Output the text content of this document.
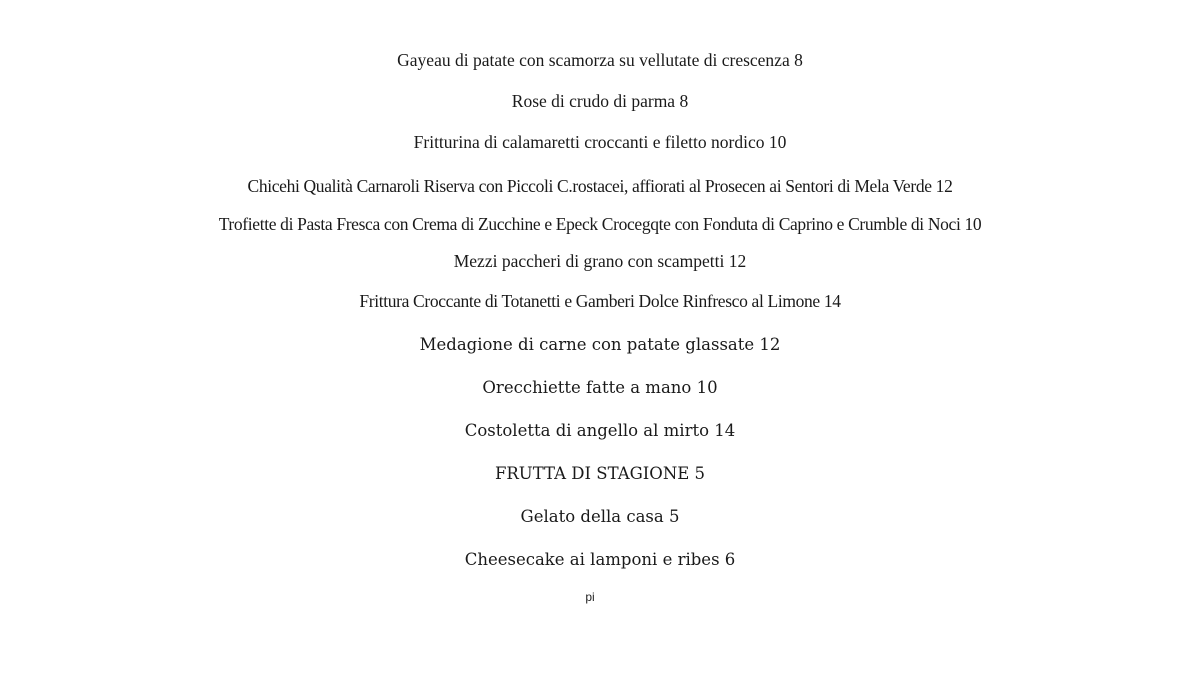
Gayeau di patate con scamorza su vellutate di crescenza 8
Rose di crudo di parma 8
Fritturina di calamaretti croccanti e filetto nordico 10
Chicehi Qualità Carnaroli Riserva con Piccoli C.rostacei, affiorati al Prosecen ai Sentori di Mela Verde 12
Trofiette di Pasta Fresca con Crema di Zucchine e Epeck Crocegqte con Fonduta di Caprino e Crumble di Noci 10
Mezzi paccheri di grano con scampetti 12
Frittura Croccante di Totanetti e Gamberi Dolce Rinfresco al Limone 14
Medagione di carne con patate glassate 12
Orecchiette fatte a mano 10
Costoletta di angello al mirto 14
FRUTTA DI STAGIONE 5
Gelato della casa 5
Cheesecake ai lamponi e ribes 6
pi
